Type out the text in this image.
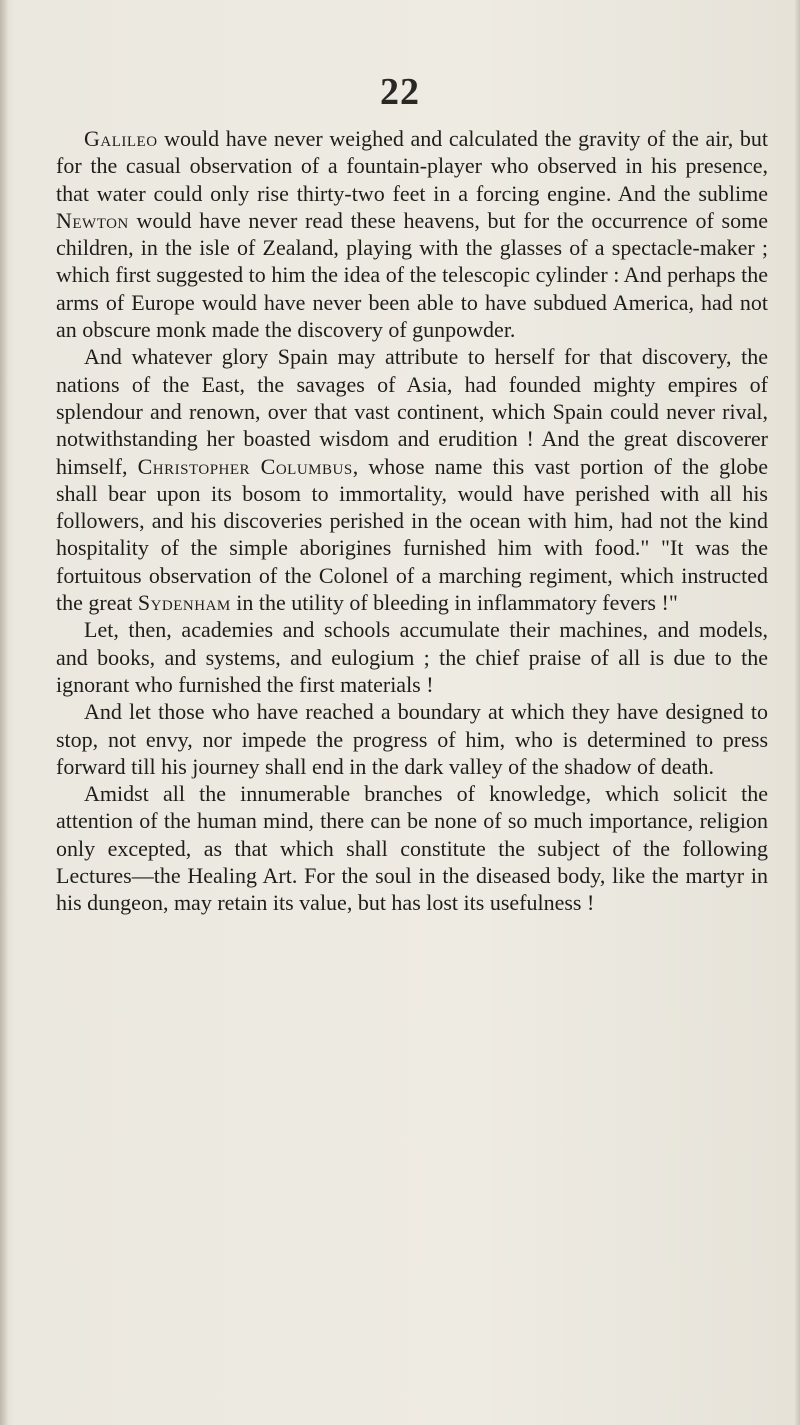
22

Galileo would have never weighed and calculated the gravity of the air, but for the casual observation of a fountain-player who observed in his presence, that water could only rise thirty-two feet in a forcing engine. And the sublime Newton would have never read these heavens, but for the occurrence of some children, in the isle of Zealand, playing with the glasses of a spectacle-maker ; which first suggested to him the idea of the telescopic cylinder : And perhaps the arms of Europe would have never been able to have subdued America, had not an obscure monk made the discovery of gunpowder.

And whatever glory Spain may attribute to herself for that discovery, the nations of the East, the savages of Asia, had founded mighty empires of splendour and renown, over that vast continent, which Spain could never rival, notwithstanding her boasted wisdom and erudition ! And the great discoverer himself, Christopher Columbus, whose name this vast portion of the globe shall bear upon its bosom to immortality, would have perished with all his followers, and his discoveries perished in the ocean with him, had not the kind hospitality of the simple aborigines furnished him with food." "It was the fortuitous observation of the Colonel of a marching regiment, which instructed the great Sydenham in the utility of bleeding in inflammatory fevers !"

Let, then, academies and schools accumulate their machines, and models, and books, and systems, and eulogium ; the chief praise of all is due to the ignorant who furnished the first materials !

And let those who have reached a boundary at which they have designed to stop, not envy, nor impede the progress of him, who is determined to press forward till his journey shall end in the dark valley of the shadow of death.

Amidst all the innumerable branches of knowledge, which solicit the attention of the human mind, there can be none of so much importance, religion only excepted, as that which shall constitute the subject of the following Lectures—the Healing Art. For the soul in the diseased body, like the martyr in his dungeon, may retain its value, but has lost its usefulness !
